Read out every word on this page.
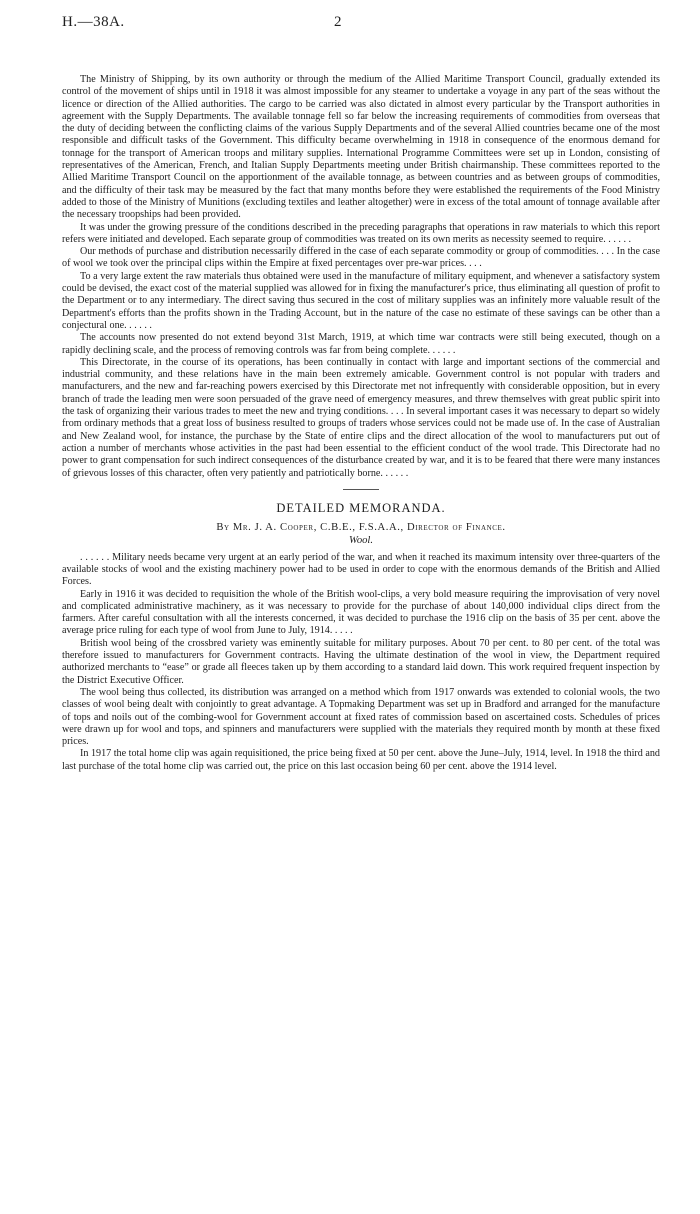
H.—38A.	2

The Ministry of Shipping, by its own authority or through the medium of the Allied Maritime Transport Council, gradually extended its control of the movement of ships until in 1918 it was almost impossible for any steamer to undertake a voyage in any part of the seas without the licence or direction of the Allied authorities. The cargo to be carried was also dictated in almost every particular by the Transport authorities in agreement with the Supply Departments. The available tonnage fell so far below the increasing requirements of commodities from overseas that the duty of deciding between the conflicting claims of the various Supply Departments and of the several Allied countries became one of the most responsible and difficult tasks of the Government. This difficulty became overwhelming in 1918 in consequence of the enormous demand for tonnage for the transport of American troops and military supplies. International Programme Committees were set up in London, consisting of representatives of the American, French, and Italian Supply Departments meeting under British chairmanship. These committees reported to the Allied Maritime Transport Council on the apportionment of the available tonnage, as between countries and as between groups of commodities, and the difficulty of their task may be measured by the fact that many months before they were established the requirements of the Food Ministry added to those of the Ministry of Munitions (excluding textiles and leather altogether) were in excess of the total amount of tonnage available after the necessary troopships had been provided.

It was under the growing pressure of the conditions described in the preceding paragraphs that operations in raw materials to which this report refers were initiated and developed. Each separate group of commodities was treated on its own merits as necessity seemed to require. . . . . .

Our methods of purchase and distribution necessarily differed in the case of each separate commodity or group of commodities. . . . In the case of wool we took over the principal clips within the Empire at fixed percentages over pre-war prices. . . .

To a very large extent the raw materials thus obtained were used in the manufacture of military equipment, and whenever a satisfactory system could be devised, the exact cost of the material supplied was allowed for in fixing the manufacturer's price, thus eliminating all question of profit to the Department or to any intermediary. The direct saving thus secured in the cost of military supplies was an infinitely more valuable result of the Department's efforts than the profits shown in the Trading Account, but in the nature of the case no estimate of these savings can be other than a conjectural one. . . . . .

The accounts now presented do not extend beyond 31st March, 1919, at which time war contracts were still being executed, though on a rapidly declining scale, and the process of removing controls was far from being complete. . . . . .

This Directorate, in the course of its operations, has been continually in contact with large and important sections of the commercial and industrial community, and these relations have in the main been extremely amicable. Government control is not popular with traders and manufacturers, and the new and far-reaching powers exercised by this Directorate met not infrequently with considerable opposition, but in every branch of trade the leading men were soon persuaded of the grave need of emergency measures, and threw themselves with great public spirit into the task of organizing their various trades to meet the new and trying conditions. . . . In several important cases it was necessary to depart so widely from ordinary methods that a great loss of business resulted to groups of traders whose services could not be made use of. In the case of Australian and New Zealand wool, for instance, the purchase by the State of entire clips and the direct allocation of the wool to manufacturers put out of action a number of merchants whose activities in the past had been essential to the efficient conduct of the wool trade. This Directorate had no power to grant compensation for such indirect consequences of the disturbance created by war, and it is to be feared that there were many instances of grievous losses of this character, often very patiently and patriotically borne. . . . . .

DETAILED MEMORANDA.
By Mr. J. A. Cooper, C.B.E., F.S.A.A., Director of Finance.
Wool.

. . . . . . Military needs became very urgent at an early period of the war, and when it reached its maximum intensity over three-quarters of the available stocks of wool and the existing machinery power had to be used in order to cope with the enormous demands of the British and Allied Forces.

Early in 1916 it was decided to requisition the whole of the British wool-clips, a very bold measure requiring the improvisation of very novel and complicated administrative machinery, as it was necessary to provide for the purchase of about 140,000 individual clips direct from the farmers. After careful consultation with all the interests concerned, it was decided to purchase the 1916 clip on the basis of 35 per cent. above the average price ruling for each type of wool from June to July, 1914. . . . .

British wool being of the crossbred variety was eminently suitable for military purposes. About 70 per cent. to 80 per cent. of the total was therefore issued to manufacturers for Government contracts. Having the ultimate destination of the wool in view, the Department required authorized merchants to “ease” or grade all fleeces taken up by them according to a standard laid down. This work required frequent inspection by the District Executive Officer.

The wool being thus collected, its distribution was arranged on a method which from 1917 onwards was extended to colonial wools, the two classes of wool being dealt with conjointly to great advantage. A Topmaking Department was set up in Bradford and arranged for the manufacture of tops and noils out of the combing-wool for Government account at fixed rates of commission based on ascertained costs. Schedules of prices were drawn up for wool and tops, and spinners and manufacturers were supplied with the materials they required month by month at these fixed prices.

In 1917 the total home clip was again requisitioned, the price being fixed at 50 per cent. above the June–July, 1914, level. In 1918 the third and last purchase of the total home clip was carried out, the price on this last occasion being 60 per cent. above the 1914 level.
